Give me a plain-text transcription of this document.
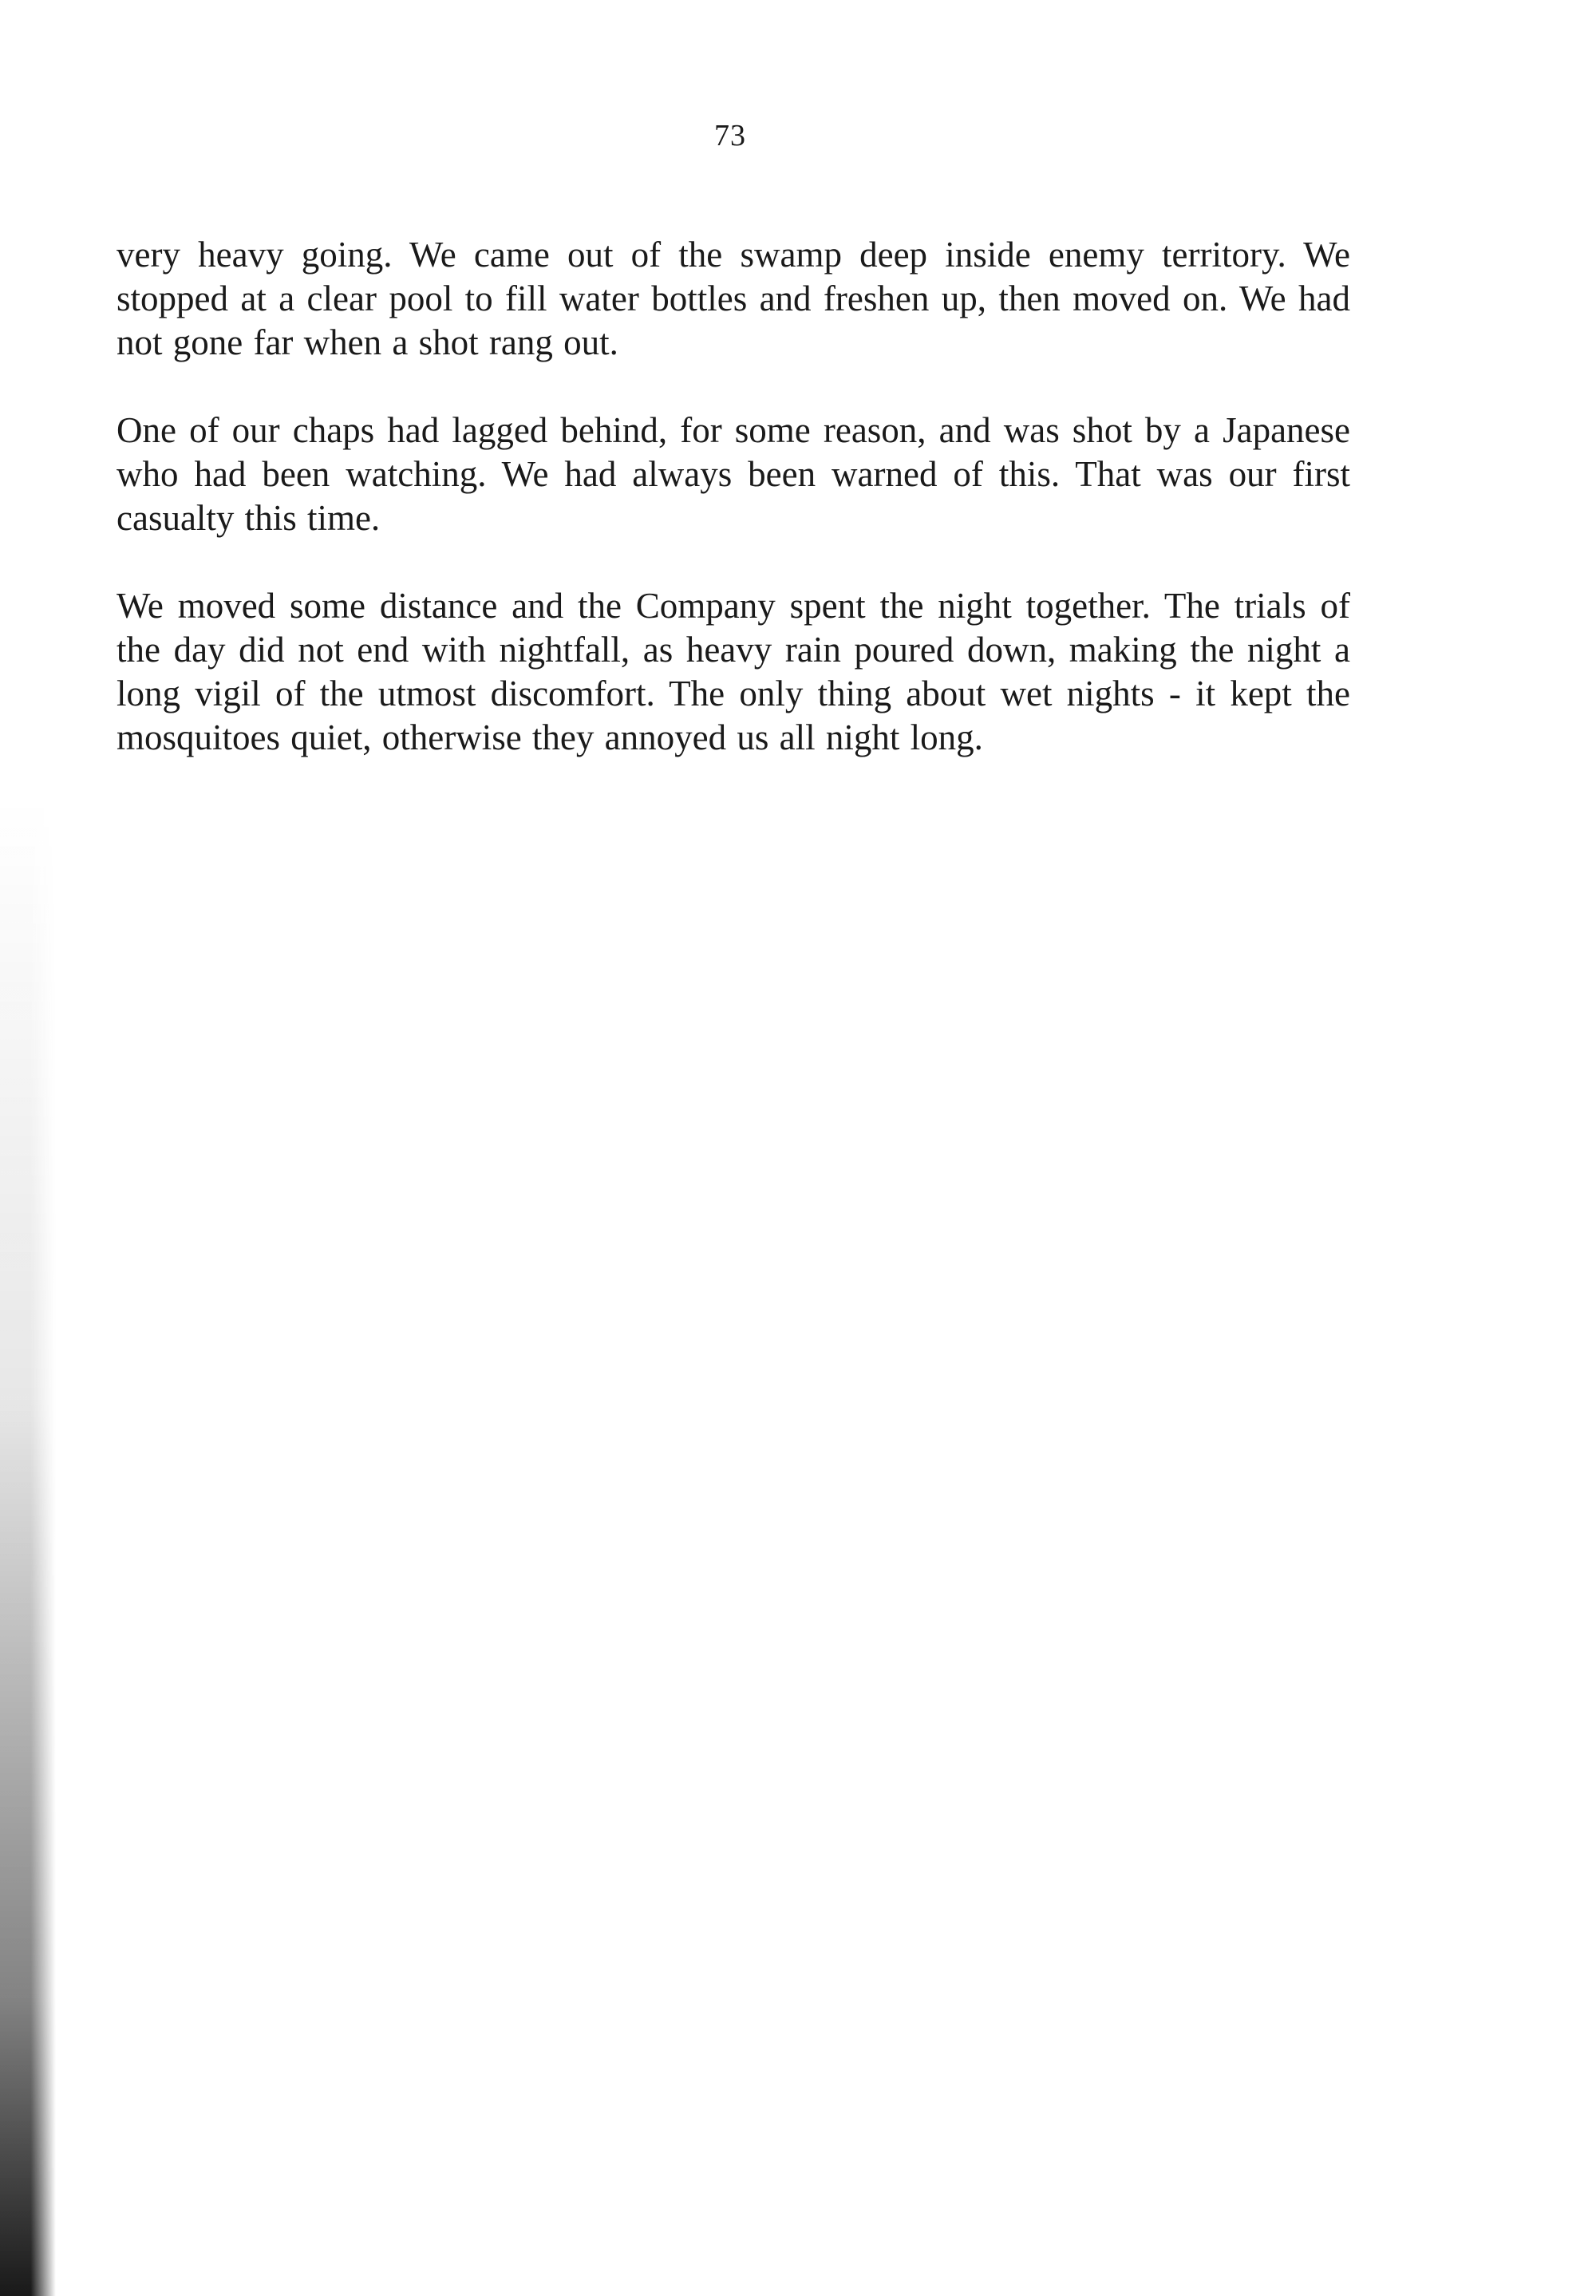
73

very heavy going. We came out of the swamp deep inside enemy territory. We stopped at a clear pool to fill water bottles and freshen up, then moved on. We had not gone far when a shot rang out.

One of our chaps had lagged behind, for some reason, and was shot by a Japanese who had been watching. We had always been warned of this. That was our first casualty this time.

We moved some distance and the Company spent the night together. The trials of the day did not end with nightfall, as heavy rain poured down, making the night a long vigil of the utmost discomfort. The only thing about wet nights - it kept the mosquitoes quiet, otherwise they annoyed us all night long.
